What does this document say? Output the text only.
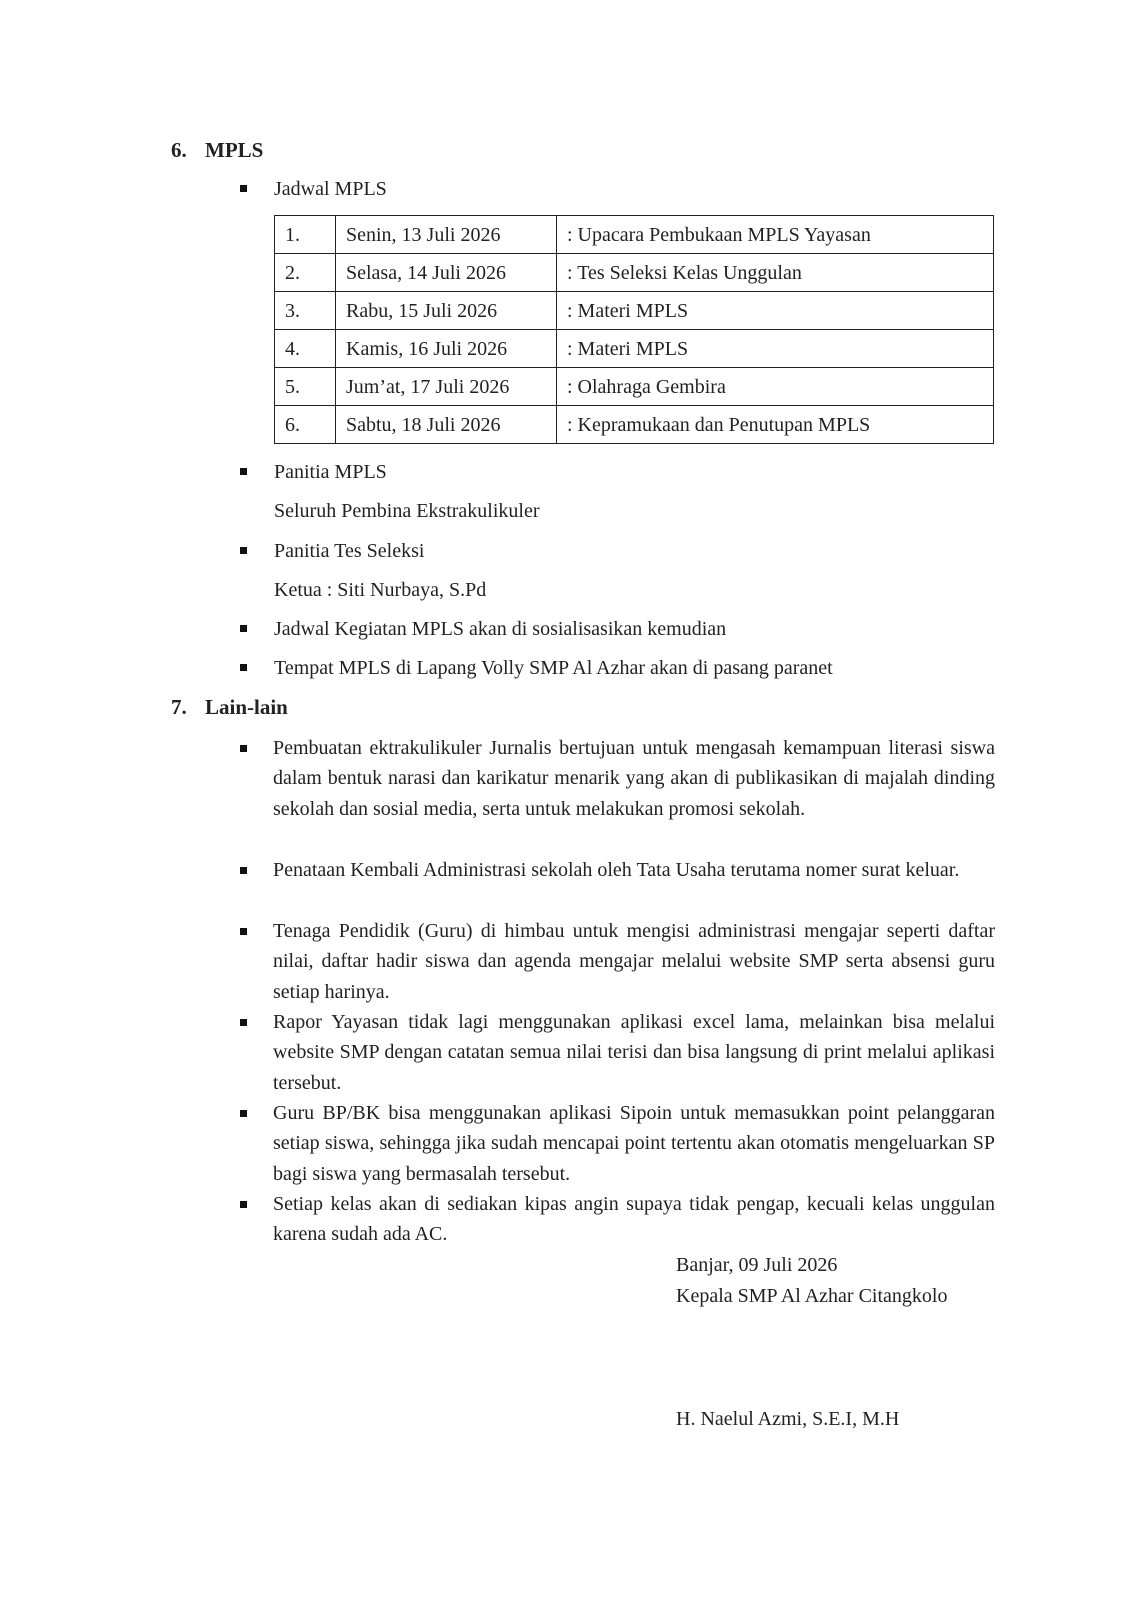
6. MPLS
Jadwal MPLS
1.	Senin, 13 Juli 2026	: Upacara Pembukaan MPLS Yayasan
2.	Selasa, 14 Juli 2026	: Tes Seleksi Kelas Unggulan
3.	Rabu, 15 Juli 2026	: Materi MPLS
4.	Kamis, 16 Juli 2026	: Materi MPLS
5.	Jum’at, 17 Juli 2026	: Olahraga Gembira
6.	Sabtu, 18 Juli 2026	: Kepramukaan dan Penutupan MPLS
Panitia MPLS
Seluruh Pembina Ekstrakulikuler
Panitia Tes Seleksi
Ketua : Siti Nurbaya, S.Pd
Jadwal Kegiatan MPLS akan di sosialisasikan kemudian
Tempat MPLS di Lapang Volly SMP Al Azhar akan di pasang paranet
7. Lain-lain
Pembuatan ektrakulikuler Jurnalis bertujuan untuk mengasah kemampuan literasi siswa dalam bentuk narasi dan karikatur menarik yang akan di publikasikan di majalah dinding sekolah dan sosial media, serta untuk melakukan promosi sekolah.
Penataan Kembali Administrasi sekolah oleh Tata Usaha terutama nomer surat keluar.
Tenaga Pendidik (Guru) di himbau untuk mengisi administrasi mengajar seperti daftar nilai, daftar hadir siswa dan agenda mengajar melalui website SMP serta absensi guru setiap harinya.
Rapor Yayasan tidak lagi menggunakan aplikasi excel lama, melainkan bisa melalui website SMP dengan catatan semua nilai terisi dan bisa langsung di print melalui aplikasi tersebut.
Guru BP/BK bisa menggunakan aplikasi Sipoin untuk memasukkan point pelanggaran setiap siswa, sehingga jika sudah mencapai point tertentu akan otomatis mengeluarkan SP bagi siswa yang bermasalah tersebut.
Setiap kelas akan di sediakan kipas angin supaya tidak pengap, kecuali kelas unggulan karena sudah ada AC.
Banjar, 09 Juli 2026
Kepala SMP Al Azhar Citangkolo
H. Naelul Azmi, S.E.I, M.H
